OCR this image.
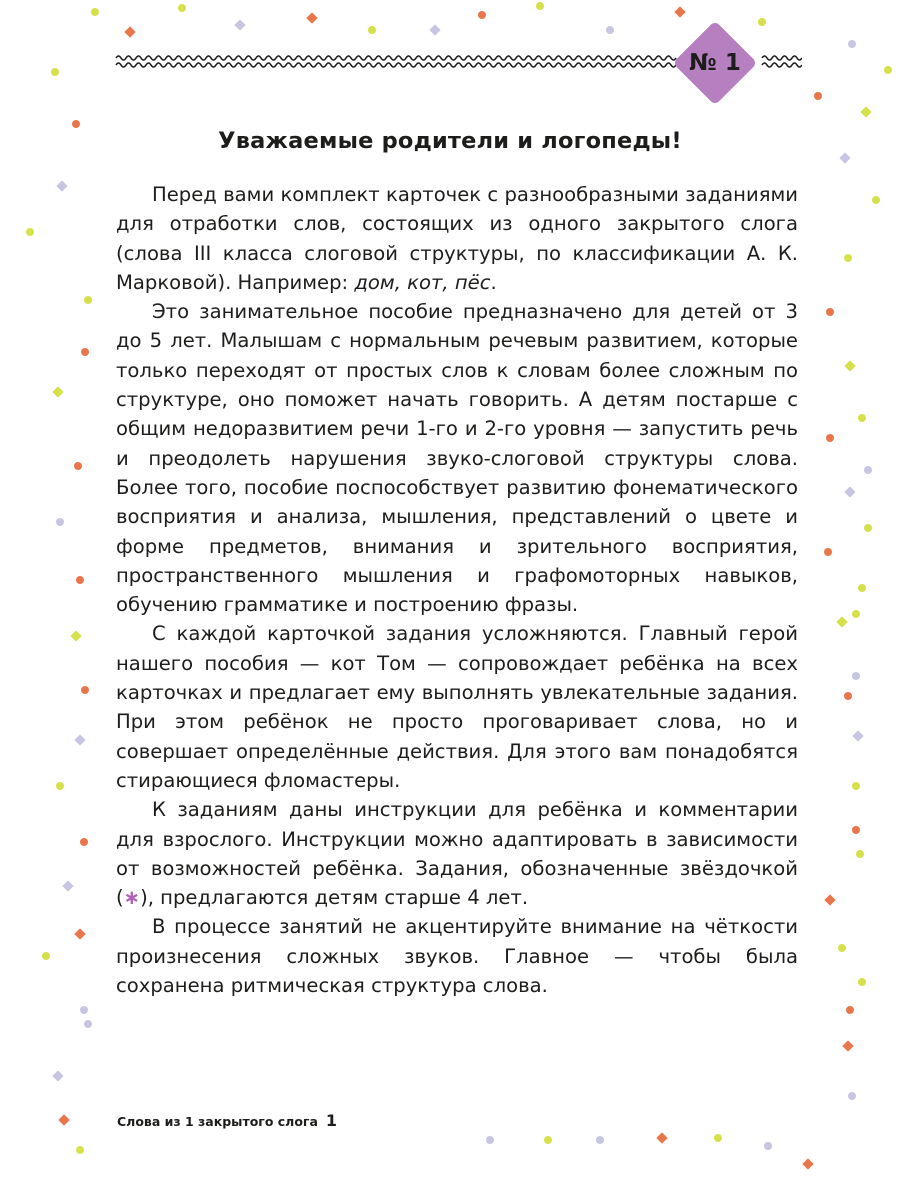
№ 1
Уважаемые родители и логопеды!

Перед вами комплект карточек с разнообразными заданиями для отработки слов, состоящих из одного закрытого слога (слова III класса слоговой структуры, по классификации А. К. Марковой). Например: дом, кот, пёс.

Это занимательное пособие предназначено для детей от 3 до 5 лет. Малышам с нормальным речевым развитием, которые только переходят от простых слов к словам более сложным по структуре, оно поможет начать говорить. А детям постарше с общим недоразвитием речи 1-го и 2-го уровня — запустить речь и преодолеть нарушения звуко-слоговой структуры слова. Более того, пособие поспособствует развитию фонематического восприятия и анализа, мышления, представлений о цвете и форме предметов, внимания и зрительного восприятия, пространственного мышления и графомоторных навыков, обучению грамматике и построению фразы.

С каждой карточкой задания усложняются. Главный герой нашего пособия — кот Том — сопровождает ребёнка на всех карточках и предлагает ему выполнять увлекательные задания. При этом ребёнок не просто проговаривает слова, но и совершает определённые действия. Для этого вам понадобятся стирающиеся фломастеры.

К заданиям даны инструкции для ребёнка и комментарии для взрослого. Инструкции можно адаптировать в зависимости от возможностей ребёнка. Задания, обозначенные звёздочкой (∗), предлагаются детям старше 4 лет.

В процессе занятий не акцентируйте внимание на чёткости произнесения сложных звуков. Главное — чтобы была сохранена ритмическая структура слова.

Слова из 1 закрытого слога 1
